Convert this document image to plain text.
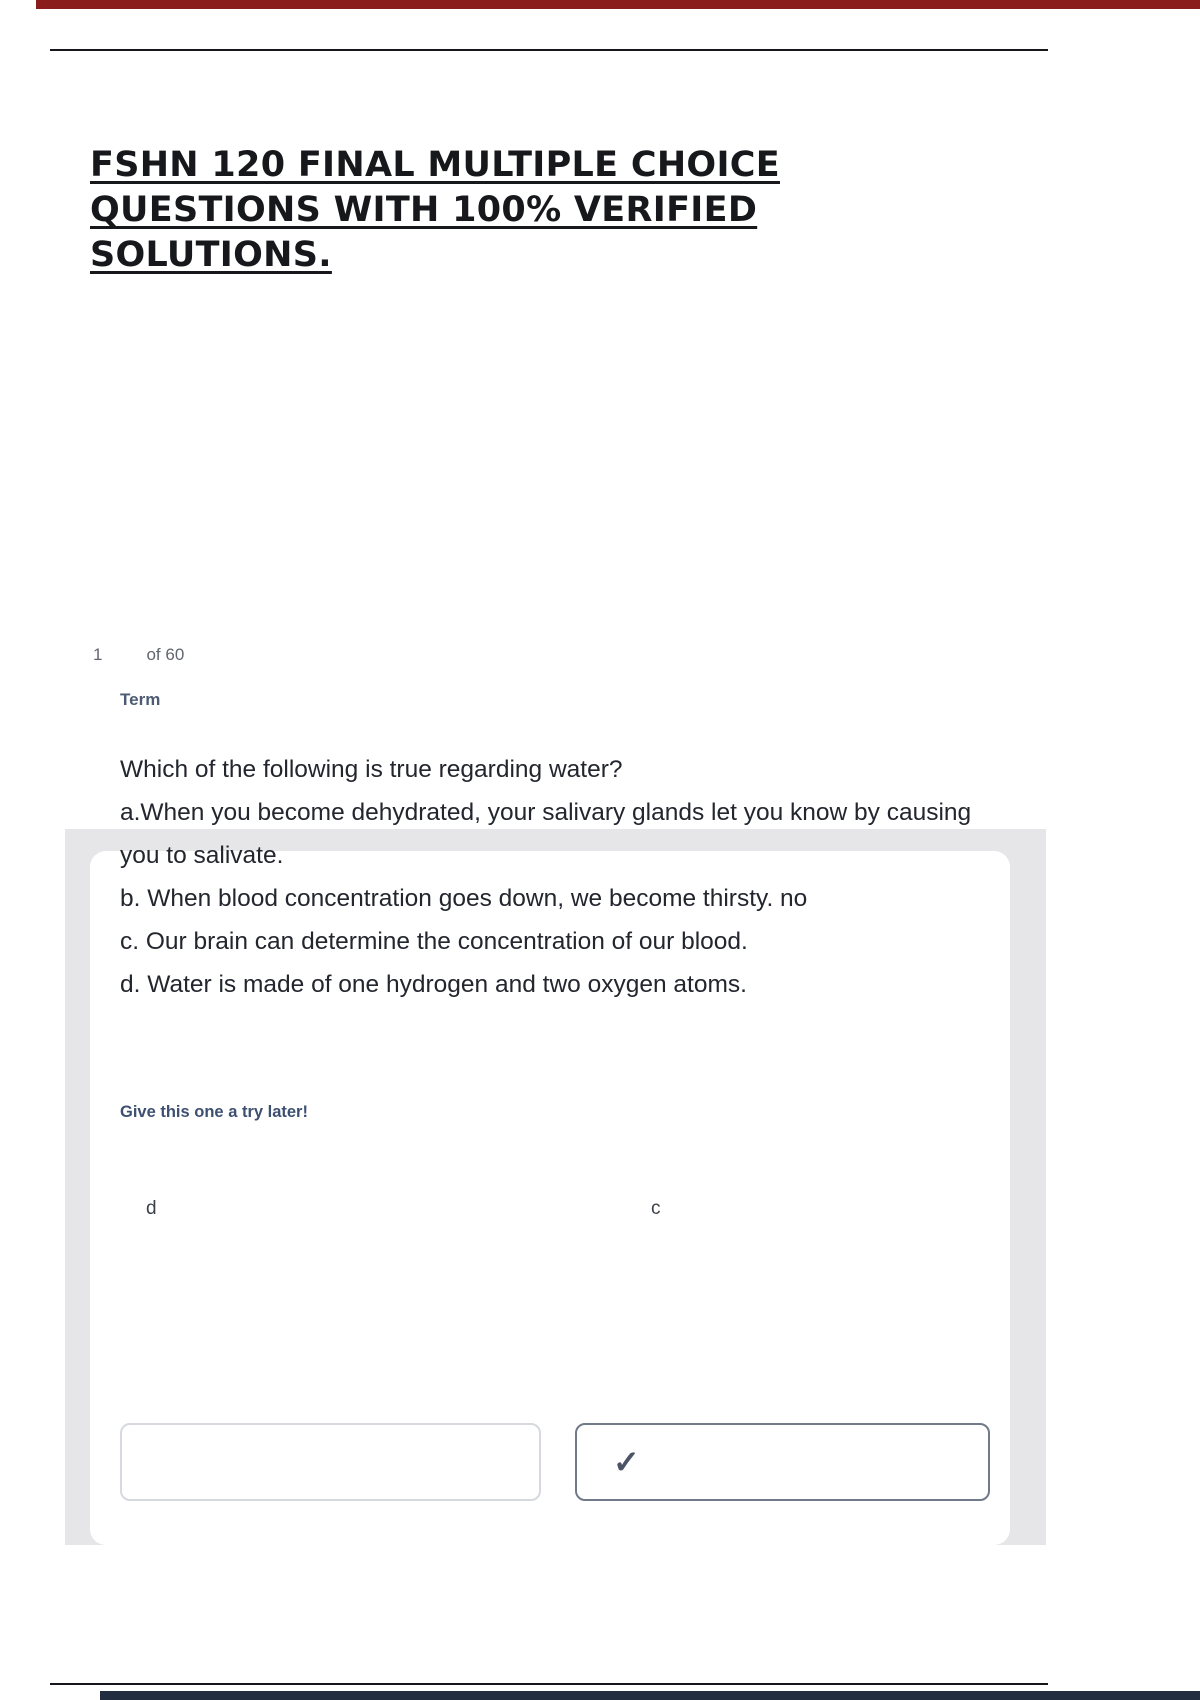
FSHN 120 FINAL MULTIPLE CHOICE
QUESTIONS WITH 100% VERIFIED
SOLUTIONS.
1	of 60
Term
Which of the following is true regarding water?
a.When you become dehydrated, your salivary glands let you know by causing you to salivate.
b. When blood concentration goes down, we become thirsty. no
c. Our brain can determine the concentration of our blood.
d. Water is made of one hydrogen and two oxygen atoms.
Give this one a try later!
d	c
✓
